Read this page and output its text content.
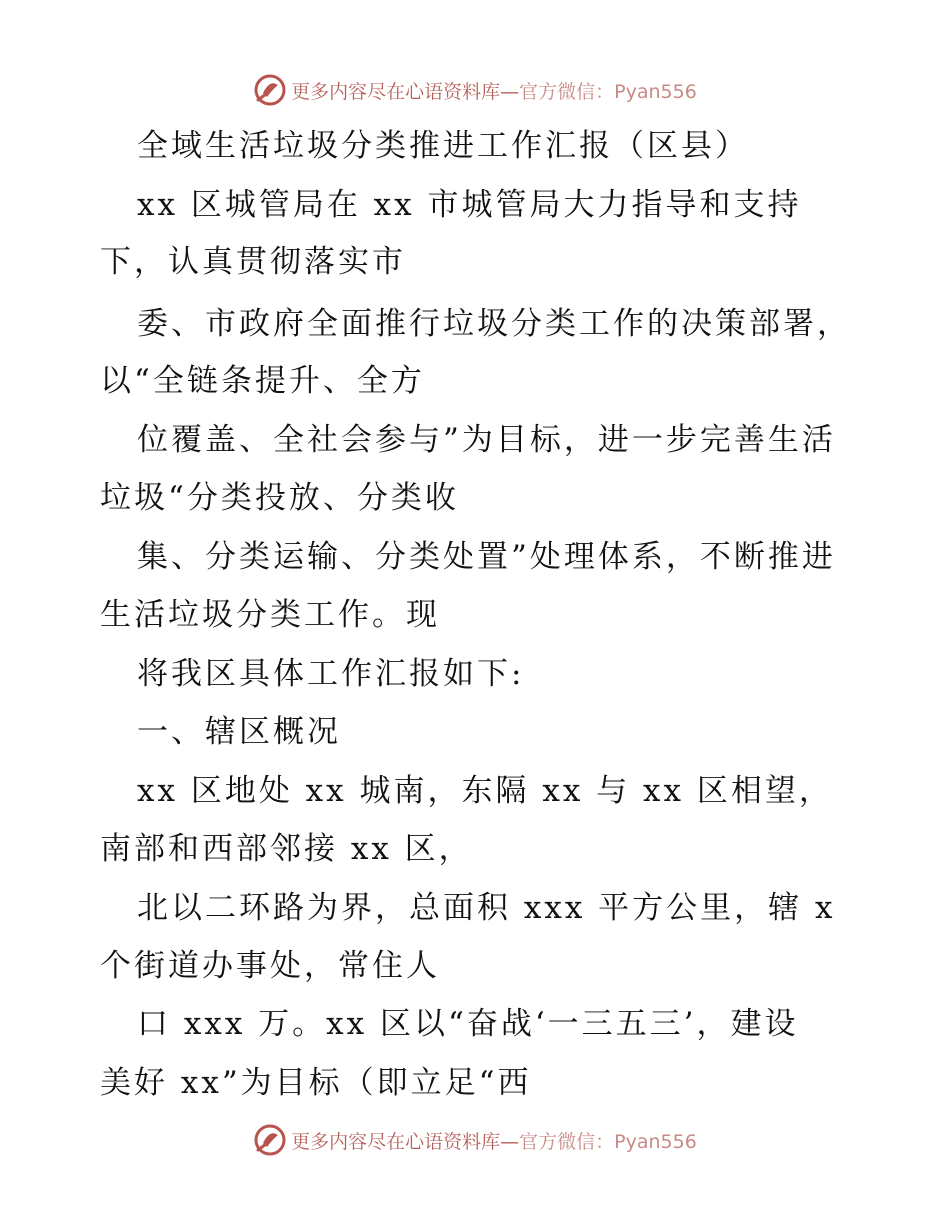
更多内容尽在心语资料库—官方微信：Pyan556
全域生活垃圾分类推进工作汇报（区县）
xx 区城管局在 xx 市城管局大力指导和支持
下，认真贯彻落实市
委、市政府全面推行垃圾分类工作的决策部署，
以“全链条提升、全方
位覆盖、全社会参与”为目标，进一步完善生活
垃圾“分类投放、分类收
集、分类运输、分类处置”处理体系，不断推进
生活垃圾分类工作。现
将我区具体工作汇报如下:
一、辖区概况
xx 区地处 xx 城南，东隔 xx 与 xx 区相望，
南部和西部邻接 xx 区，
北以二环路为界，总面积 xxx 平方公里，辖 x
个街道办事处，常住人
口 xxx 万。xx 区以“奋战‘一三五三’，建设
美好 xx”为目标（即立足“西
更多内容尽在心语资料库—官方微信：Pyan556
